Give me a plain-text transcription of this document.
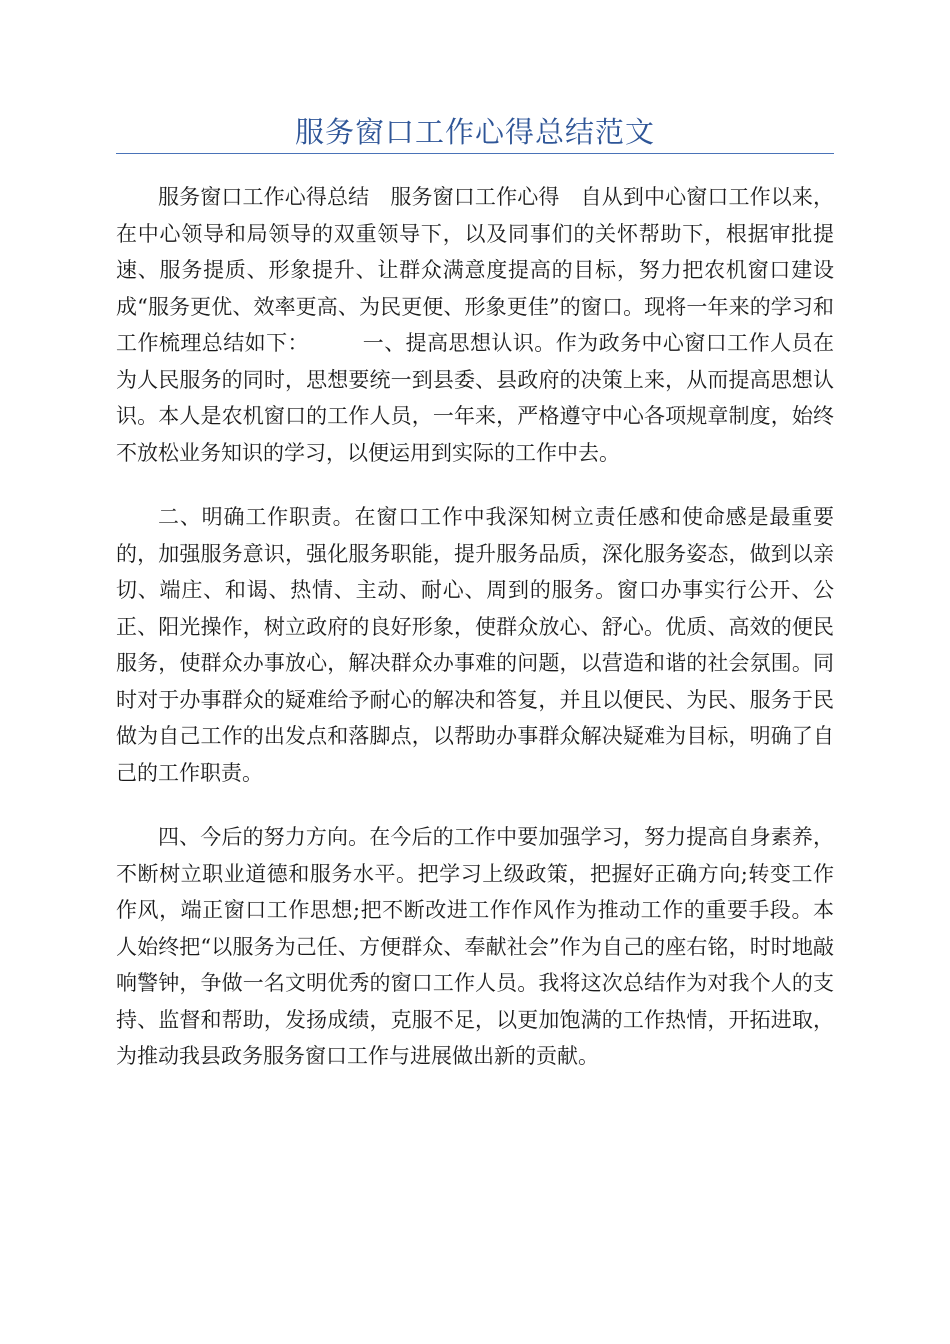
服务窗口工作心得总结范文

服务窗口工作心得总结　服务窗口工作心得　自从到中心窗口工作以来，在中心领导和局领导的双重领导下，以及同事们的关怀帮助下，根据审批提速、服务提质、形象提升、让群众满意度提高的目标，努力把农机窗口建设成“服务更优、效率更高、为民更便、形象更佳”的窗口。现将一年来的学习和工作梳理总结如下：　　　一、提高思想认识。作为政务中心窗口工作人员在为人民服务的同时，思想要统一到县委、县政府的决策上来，从而提高思想认识。本人是农机窗口的工作人员，一年来，严格遵守中心各项规章制度，始终不放松业务知识的学习，以便运用到实际的工作中去。

二、明确工作职责。在窗口工作中我深知树立责任感和使命感是最重要的，加强服务意识，强化服务职能，提升服务品质，深化服务姿态，做到以亲切、端庄、和谒、热情、主动、耐心、周到的服务。窗口办事实行公开、公正、阳光操作，树立政府的良好形象，使群众放心、舒心。优质、高效的便民服务，使群众办事放心，解决群众办事难的问题，以营造和谐的社会氛围。同时对于办事群众的疑难给予耐心的解决和答复，并且以便民、为民、服务于民做为自己工作的出发点和落脚点，以帮助办事群众解决疑难为目标，明确了自己的工作职责。

四、今后的努力方向。在今后的工作中要加强学习，努力提高自身素养，不断树立职业道德和服务水平。把学习上级政策，把握好正确方向;转变工作作风，端正窗口工作思想;把不断改进工作作风作为推动工作的重要手段。本人始终把“以服务为己任、方便群众、奉献社会”作为自己的座右铭，时时地敲响警钟，争做一名文明优秀的窗口工作人员。我将这次总结作为对我个人的支持、监督和帮助，发扬成绩，克服不足，以更加饱满的工作热情，开拓进取，为推动我县政务服务窗口工作与进展做出新的贡献。
